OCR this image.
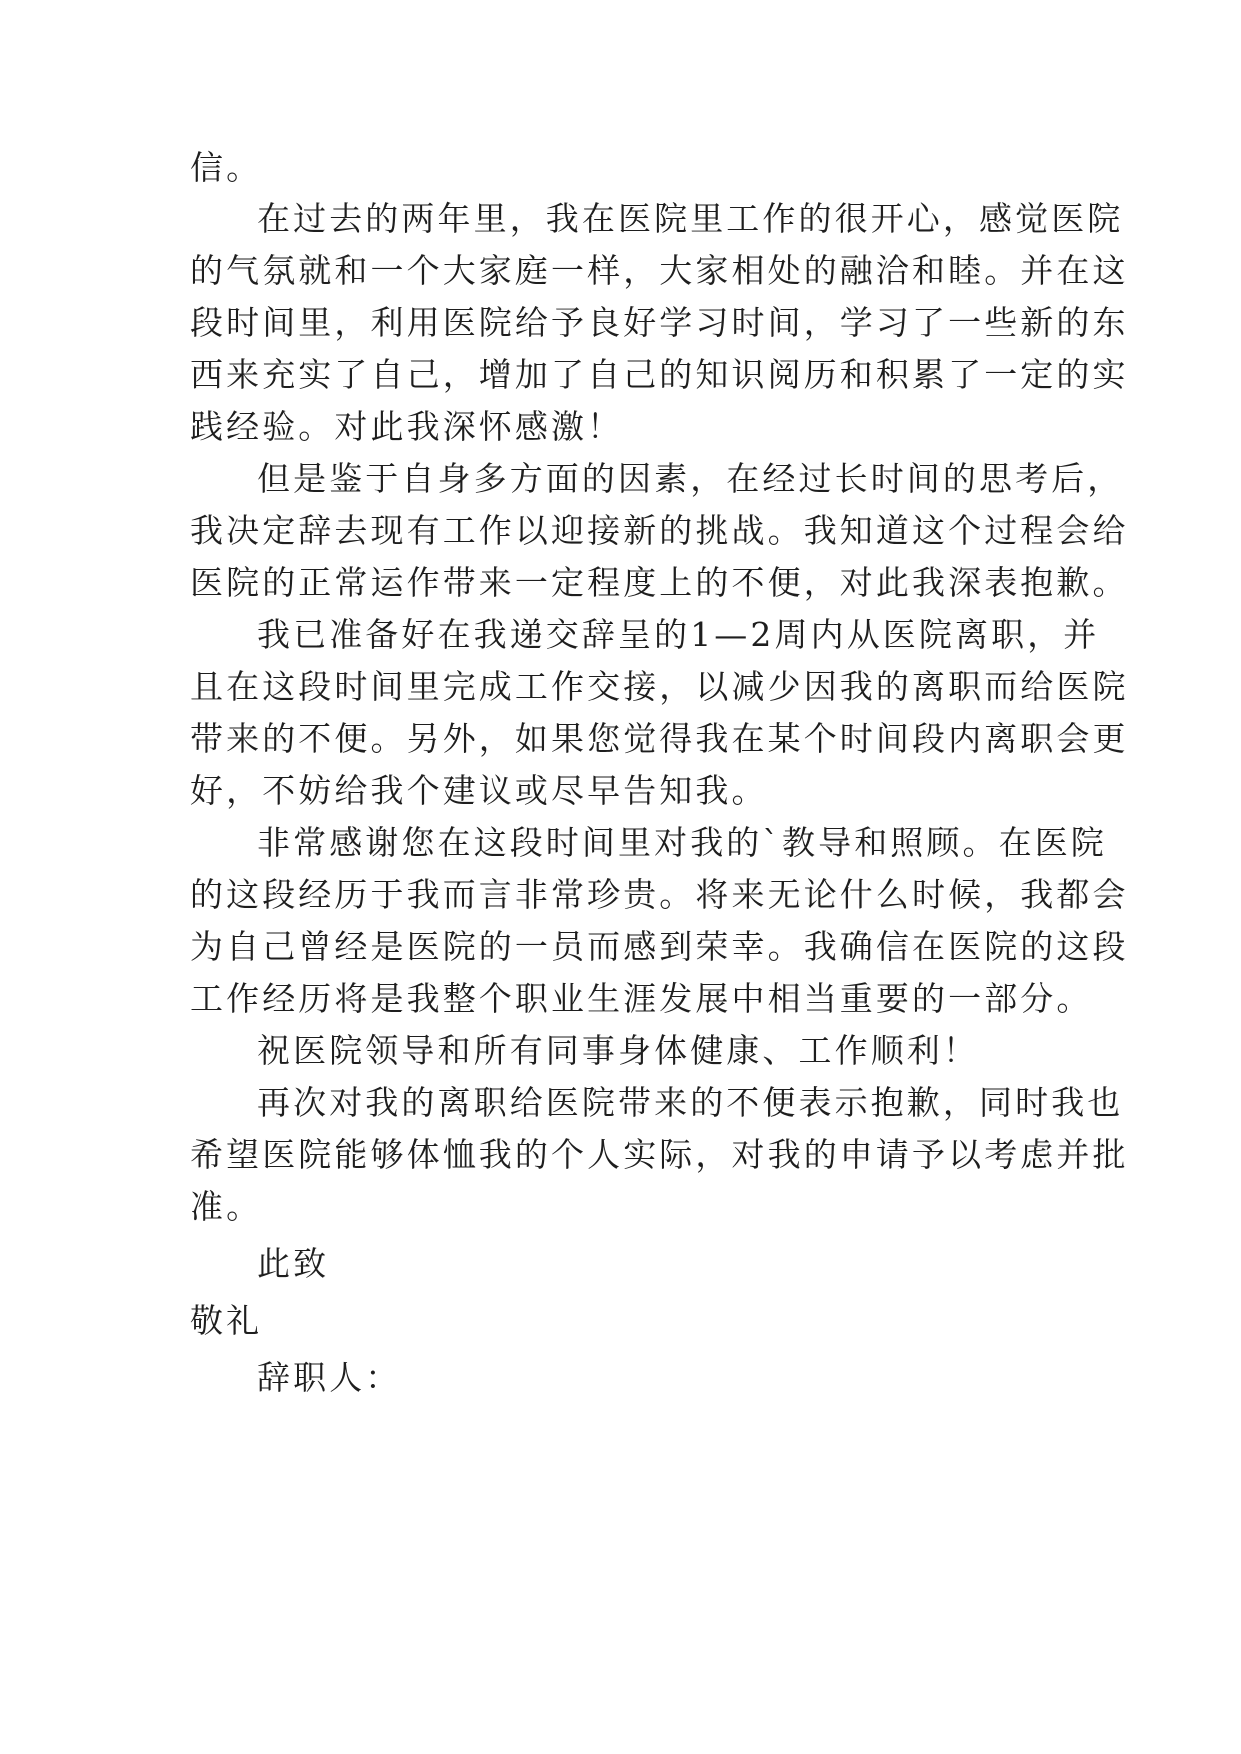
信。

在过去的两年里，我在医院里工作的很开心，感觉医院

的气氛就和一个大家庭一样，大家相处的融洽和睦。并在这

段时间里，利用医院给予良好学习时间，学习了一些新的东

西来充实了自己，增加了自己的知识阅历和积累了一定的实

践经验。对此我深怀感激！

但是鉴于自身多方面的因素，在经过长时间的思考后，

我决定辞去现有工作以迎接新的挑战。我知道这个过程会给

医院的正常运作带来一定程度上的不便，对此我深表抱歉。

我已准备好在我递交辞呈的1—2周内从医院离职，并

且在这段时间里完成工作交接，以减少因我的离职而给医院

带来的不便。另外，如果您觉得我在某个时间段内离职会更

好，不妨给我个建议或尽早告知我。

非常感谢您在这段时间里对我的`教导和照顾。在医院

的这段经历于我而言非常珍贵。将来无论什么时候，我都会

为自己曾经是医院的一员而感到荣幸。我确信在医院的这段

工作经历将是我整个职业生涯发展中相当重要的一部分。

祝医院领导和所有同事身体健康、工作顺利！

再次对我的离职给医院带来的不便表示抱歉，同时我也

希望医院能够体恤我的个人实际，对我的申请予以考虑并批

准。

此致

敬礼

辞职人：
